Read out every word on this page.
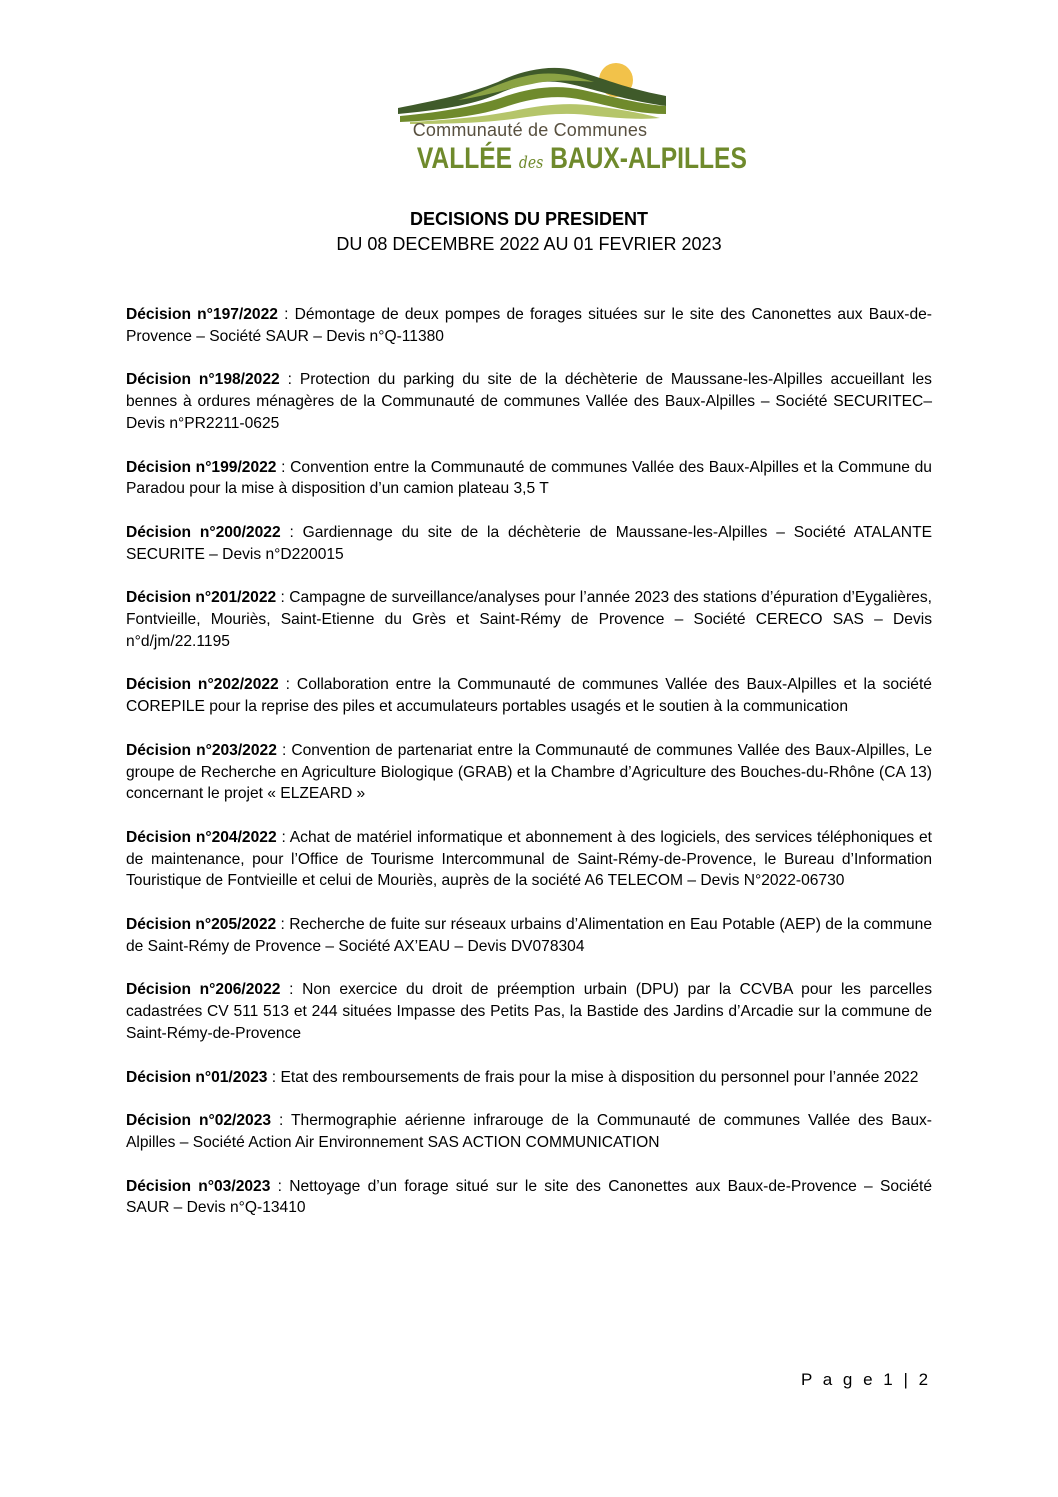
Communauté de Communes
VALLÉE des BAUX-ALPILLES
DECISIONS DU PRESIDENT
DU 08 DECEMBRE 2022 AU 01 FEVRIER 2023

Décision n°197/2022 : Démontage de deux pompes de forages situées sur le site des Canonettes aux Baux-de-Provence – Société SAUR – Devis n°Q-11380

Décision n°198/2022 : Protection du parking du site de la déchèterie de Maussane-les-Alpilles accueillant les bennes à ordures ménagères de la Communauté de communes Vallée des Baux-Alpilles – Société SECURITEC– Devis n°PR2211-0625

Décision n°199/2022 : Convention entre la Communauté de communes Vallée des Baux-Alpilles et la Commune du Paradou pour la mise à disposition d’un camion plateau 3,5 T

Décision n°200/2022 : Gardiennage du site de la déchèterie de Maussane-les-Alpilles – Société ATALANTE SECURITE – Devis n°D220015

Décision n°201/2022 : Campagne de surveillance/analyses pour l’année 2023 des stations d’épuration d’Eygalières, Fontvieille, Mouriès, Saint-Etienne du Grès et Saint-Rémy de Provence – Société CERECO SAS – Devis n°d/jm/22.1195

Décision n°202/2022 : Collaboration entre la Communauté de communes Vallée des Baux-Alpilles et la société COREPILE pour la reprise des piles et accumulateurs portables usagés et le soutien à la communication

Décision n°203/2022 : Convention de partenariat entre la Communauté de communes Vallée des Baux-Alpilles, Le groupe de Recherche en Agriculture Biologique (GRAB) et la Chambre d’Agriculture des Bouches-du-Rhône (CA 13) concernant le projet « ELZEARD »

Décision n°204/2022 : Achat de matériel informatique et abonnement à des logiciels, des services téléphoniques et de maintenance, pour l’Office de Tourisme Intercommunal de Saint-Rémy-de-Provence, le Bureau d’Information Touristique de Fontvieille et celui de Mouriès, auprès de la société A6 TELECOM – Devis N°2022-06730

Décision n°205/2022 : Recherche de fuite sur réseaux urbains d’Alimentation en Eau Potable (AEP) de la commune de Saint-Rémy de Provence – Société AX’EAU – Devis DV078304

Décision n°206/2022 : Non exercice du droit de préemption urbain (DPU) par la CCVBA pour les parcelles cadastrées CV 511 513 et 244 situées Impasse des Petits Pas, la Bastide des Jardins d’Arcadie sur la commune de Saint-Rémy-de-Provence

Décision n°01/2023 : Etat des remboursements de frais pour la mise à disposition du personnel pour l’année 2022

Décision n°02/2023 : Thermographie aérienne infrarouge de la Communauté de communes Vallée des Baux-Alpilles – Société Action Air Environnement SAS ACTION COMMUNICATION

Décision n°03/2023 : Nettoyage d’un forage situé sur le site des Canonettes aux Baux-de-Provence – Société SAUR – Devis n°Q-13410

P a g e 1 | 2
